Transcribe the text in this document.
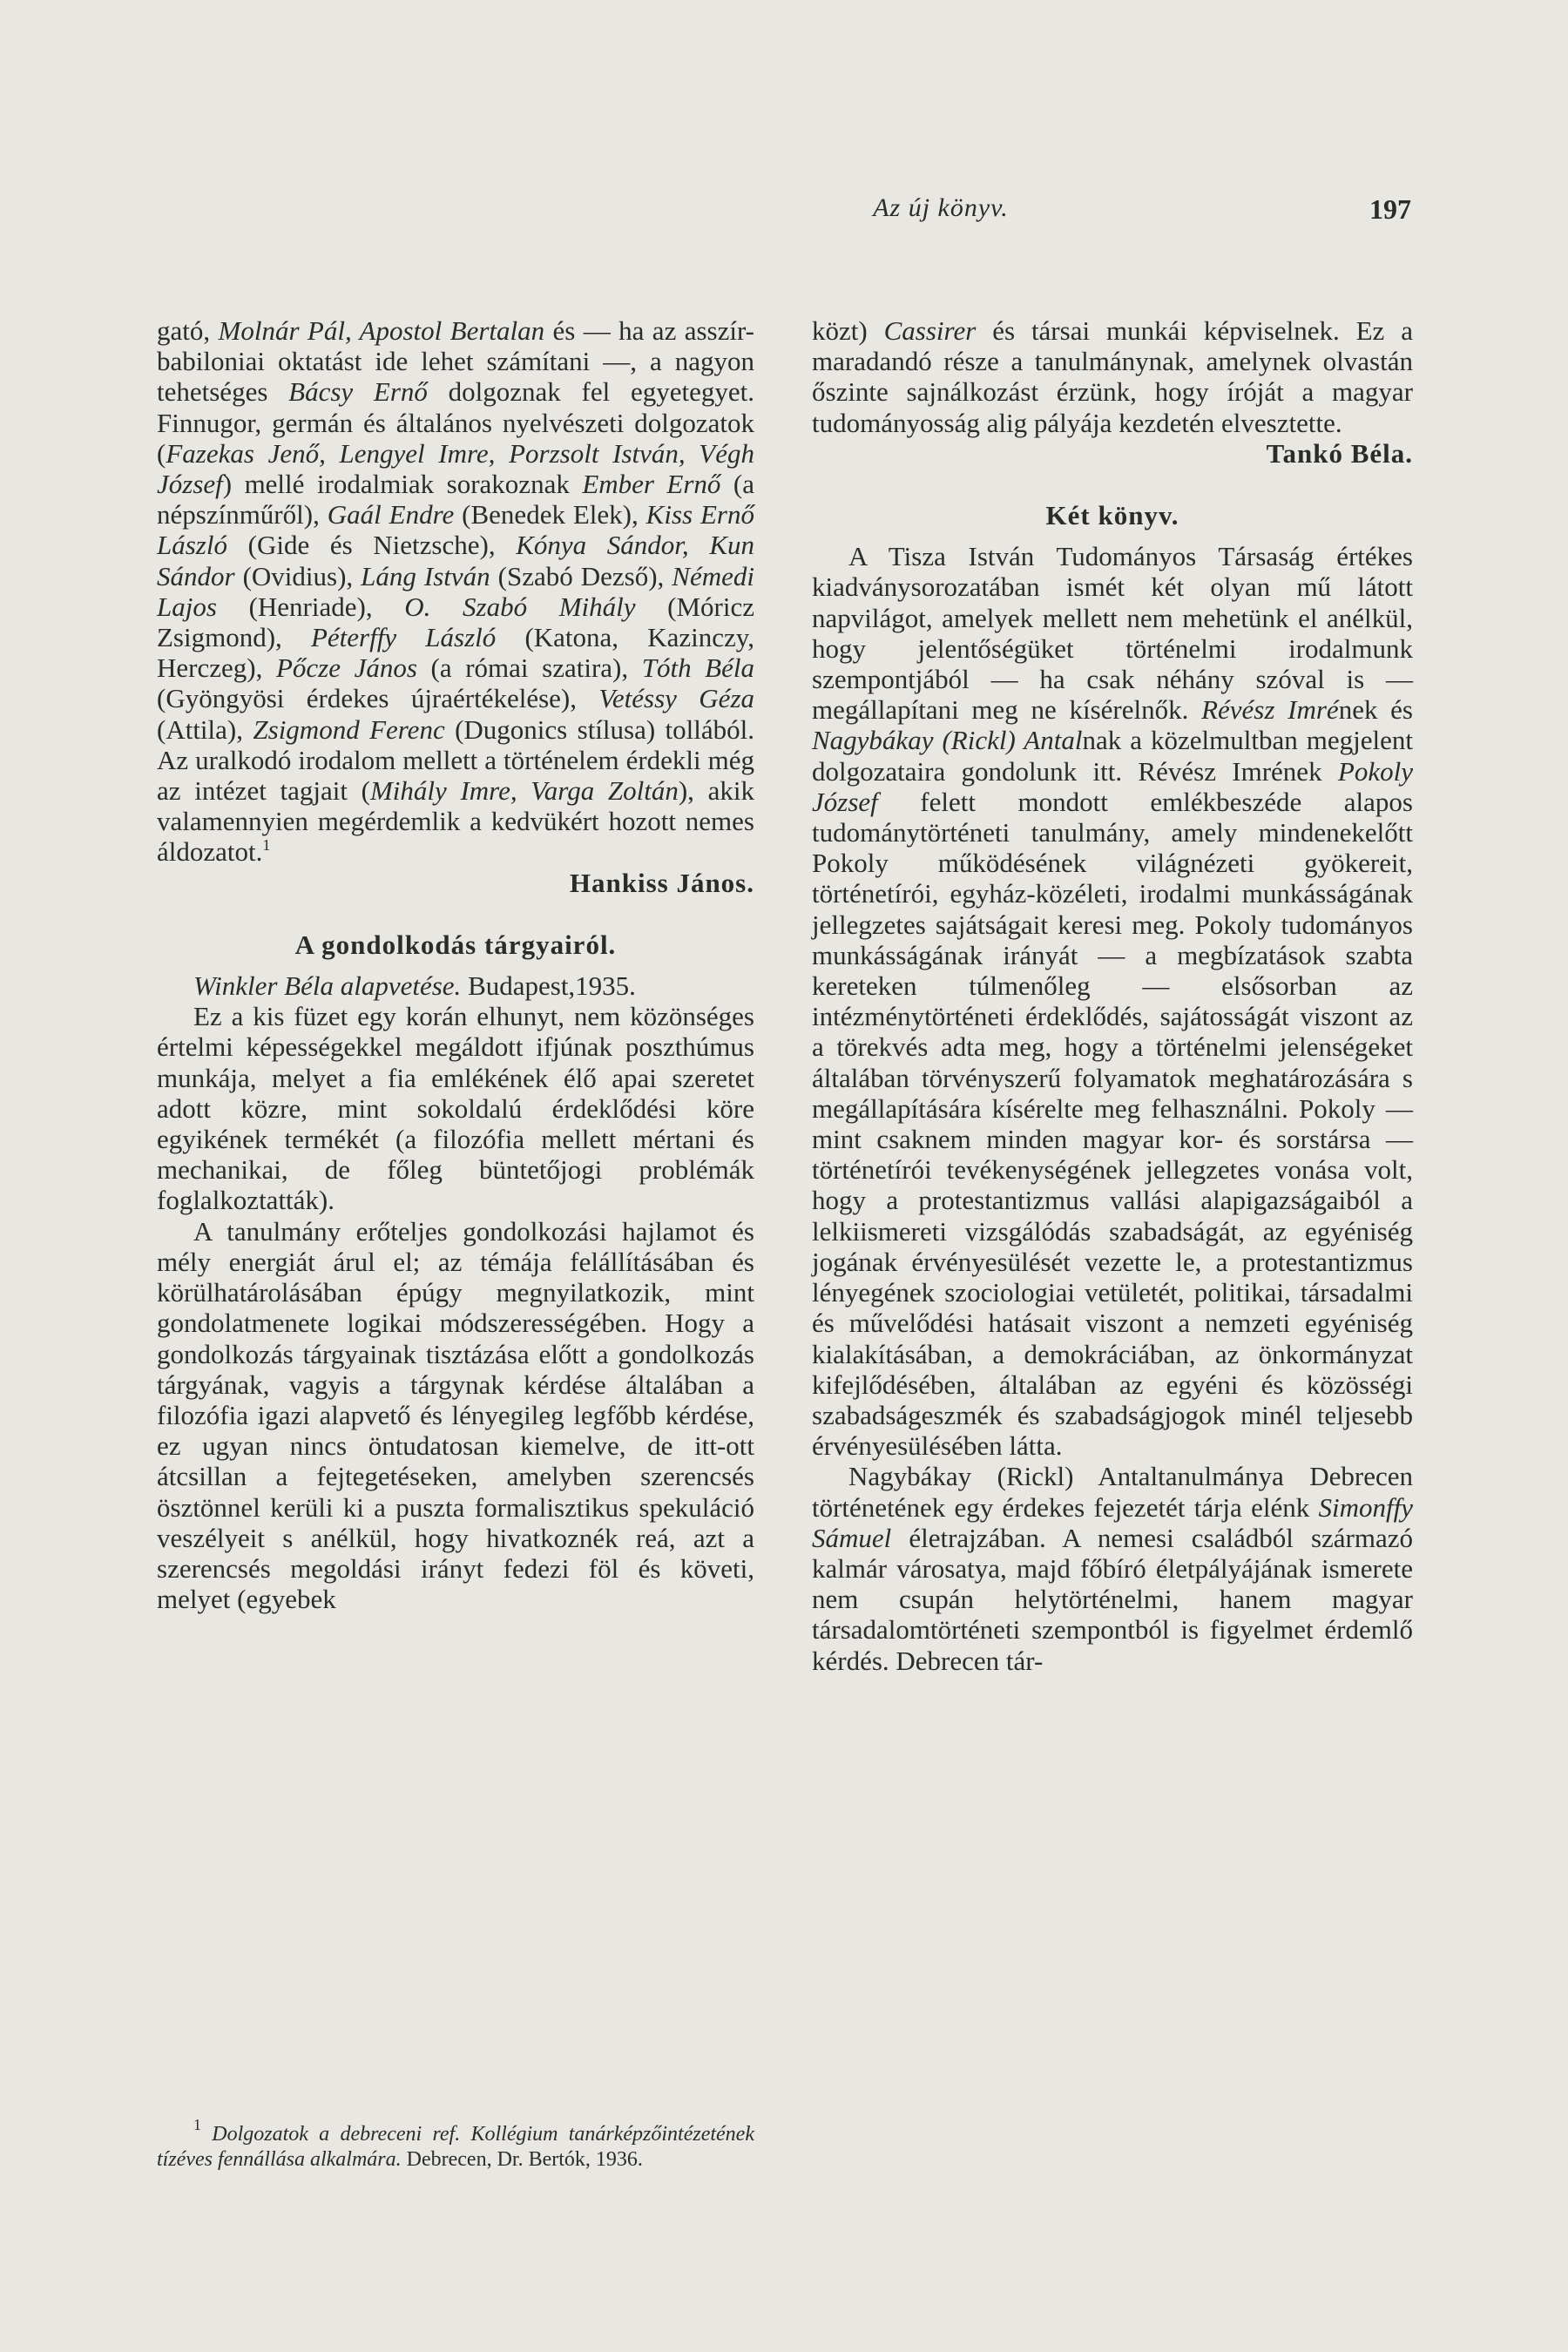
Az új könyv.	197

gató, Molnár Pál, Apostol Bertalan és — ha az asszír-babiloniai oktatást ide lehet számítani —, a nagyon tehetséges Bácsy Ernő dolgoznak fel egyetegyet. Finnugor, germán és általános nyelvészeti dolgozatok (Fazekas Jenő, Lengyel Imre, Porzsolt István, Végh József) mellé irodalmiak sorakoznak Ember Ernő (a népszínműről), Gaál Endre (Benedek Elek), Kiss Ernő László (Gide és Nietzsche), Kónya Sándor, Kun Sándor (Ovidius), Láng István (Szabó Dezső), Némedi Lajos (Henriade), O. Szabó Mihály (Móricz Zsigmond), Péterffy László (Katona, Kazinczy, Herczeg), Pőcze János (a római szatira), Tóth Béla (Gyöngyösi érdekes újraértékelése), Vetéssy Géza (Attila), Zsigmond Ferenc (Dugonics stílusa) tollából. Az uralkodó irodalom mellett a történelem érdekli még az intézet tagjait (Mihály Imre, Varga Zoltán), akik valamennyien megérdemlik a kedvükért hozott nemes áldozatot.$^1$

Hankiss János.

A gondolkodás tárgyairól.

Winkler Béla alapvetése. Budapest,1935.

Ez a kis füzet egy korán elhunyt, nem közönséges értelmi képességekkel megáldott ifjúnak poszthúmus munkája, melyet a fia emlékének élő apai szeretet adott közre, mint sokoldalú érdeklődési köre egyikének termékét (a filozófia mellett mértani és mechanikai, de főleg büntetőjogi problémák foglalkoztatták).

A tanulmány erőteljes gondolkozási hajlamot és mély energiát árul el; az témája felállításában és körülhatárolásában épúgy megnyilatkozik, mint gondolatmenete logikai módszerességében. Hogy a gondolkozás tárgyainak tisztázása előtt a gondolkozás tárgyának, vagyis a tárgynak kérdése általában a filozófia igazi alapvető és lényegileg legfőbb kérdése, ez ugyan nincs öntudatosan kiemelve, de itt-ott átcsillan a fejtegetéseken, amelyben szerencsés ösztönnel kerüli ki a puszta formalisztikus spekuláció veszélyeit s anélkül, hogy hivatkoznék reá, azt a szerencsés megoldási irányt fedezi föl és követi, melyet (egyebek

$^1$ Dolgozatok a debreceni ref. Kollégium tanárképzőintézetének tízéves fennállása alkalmára. Debrecen, Dr. Bertók, 1936.

közt) Cassirer és társai munkái képviselnek. Ez a maradandó része a tanulmánynak, amelynek olvastán őszinte sajnálkozást érzünk, hogy íróját a magyar tudományosság alig pályája kezdetén elvesztette.

Tankó Béla.

Két könyv.

A Tisza István Tudományos Társaság értékes kiadványsorozatában ismét két olyan mű látott napvilágot, amelyek mellett nem mehetünk el anélkül, hogy jelentőségüket történelmi irodalmunk szempontjából — ha csak néhány szóval is — megállapítani meg ne kísérelnők. Révész Imrének és Nagybákay (Rickl) Antalnak a közelmultban megjelent dolgozataira gondolunk itt. Révész Imrének Pokoly József felett mondott emlékbeszéde alapos tudománytörténeti tanulmány, amely mindenekelőtt Pokoly működésének világnézeti gyökereit, történetírói, egyház-közéleti, irodalmi munkásságának jellegzetes sajátságait keresi meg. Pokoly tudományos munkásságának irányát — a megbízatások szabta kereteken túlmenőleg — elsősorban az intézménytörténeti érdeklődés, sajátosságát viszont az a törekvés adta meg, hogy a történelmi jelenségeket általában törvényszerű folyamatok meghatározására s megállapítására kísérelte meg felhasználni. Pokoly — mint csaknem minden magyar kor- és sorstársa — történetírói tevékenységének jellegzetes vonása volt, hogy a protestantizmus vallási alapigazságaiból a lelkiismereti vizsgálódás szabadságát, az egyéniség jogának érvényesülését vezette le, a protestantizmus lényegének szociologiai vetületét, politikai, társadalmi és művelődési hatásait viszont a nemzeti egyéniség kialakításában, a demokráciában, az önkormányzat kifejlődésében, általában az egyéni és közösségi szabadságeszmék és szabadságjogok minél teljesebb érvényesülésében látta.

Nagybákay (Rickl) Antaltanulmánya Debrecen történetének egy érdekes fejezetét tárja elénk Simonffy Sámuel életrajzában. A nemesi családból származó kalmár városatya, majd főbíró életpályájának ismerete nem csupán helytörténelmi, hanem magyar társadalomtörténeti szempontból is figyelmet érdemlő kérdés. Debrecen tár-
